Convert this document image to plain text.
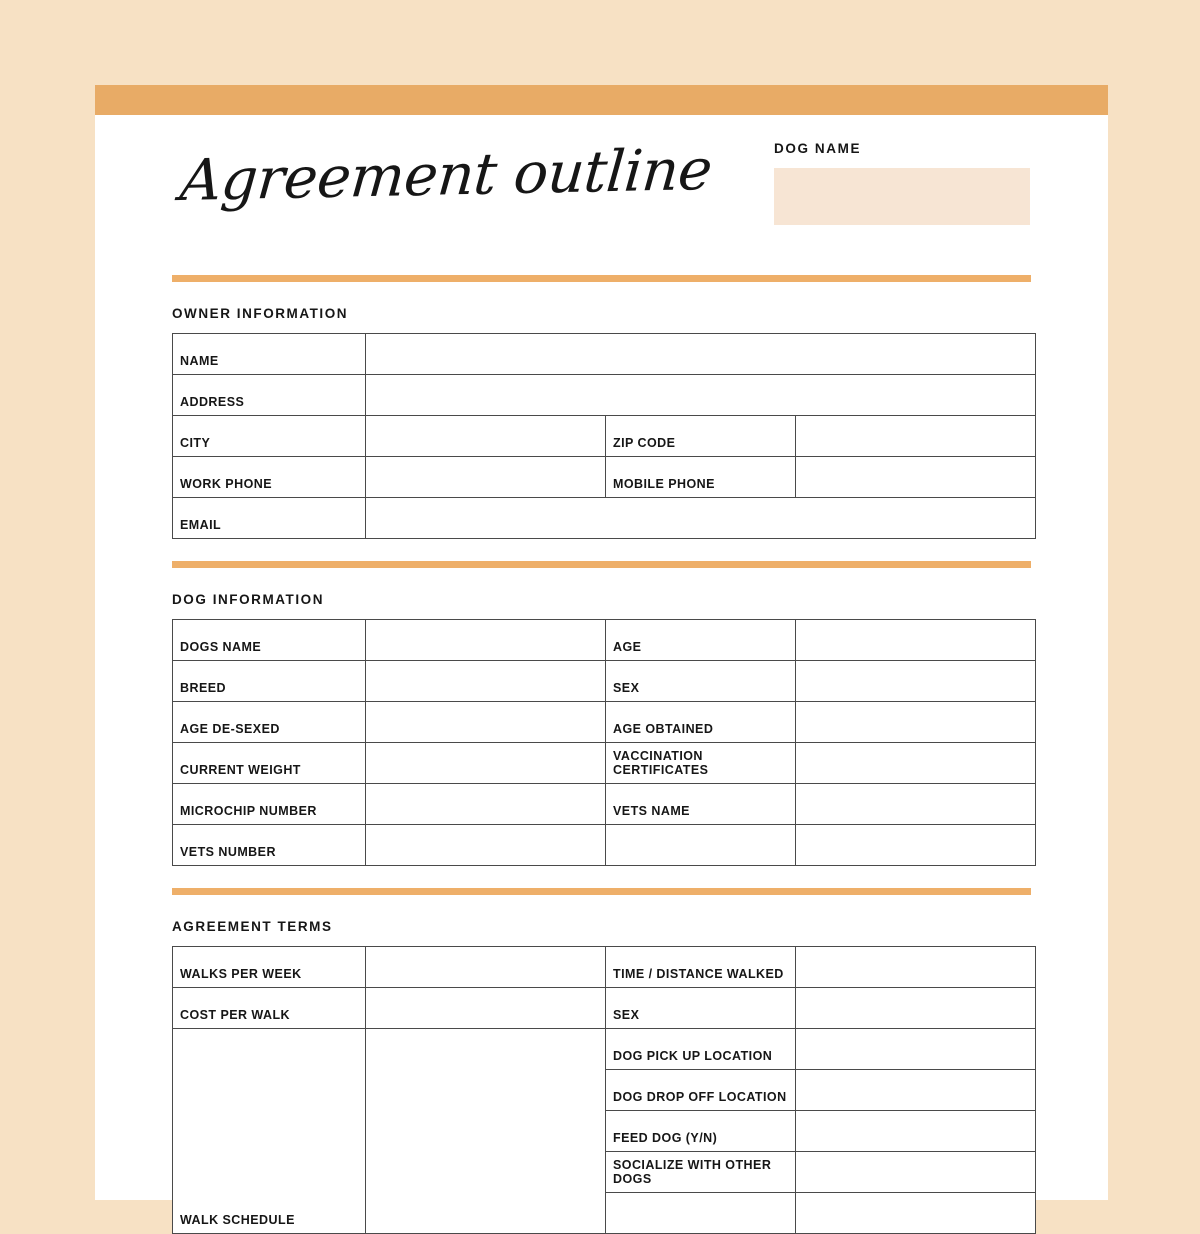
Agreement outline	DOG NAME
OWNER INFORMATION
NAME			
ADDRESS			
CITY		ZIP CODE	
WORK PHONE		MOBILE PHONE	
EMAIL			
DOG INFORMATION
DOGS NAME		AGE	
BREED		SEX	
AGE DE-SEXED		AGE OBTAINED	
CURRENT WEIGHT		VACCINATION CERTIFICATES	
MICROCHIP NUMBER		VETS NAME	
VETS NUMBER			
AGREEMENT TERMS
WALKS PER WEEK		TIME / DISTANCE WALKED	
COST PER WALK		SEX	
WALK SCHEDULE		DOG PICK UP LOCATION	
		DOG DROP OFF LOCATION	
		FEED DOG (Y/N)	
		SOCIALIZE WITH OTHER DOGS	
